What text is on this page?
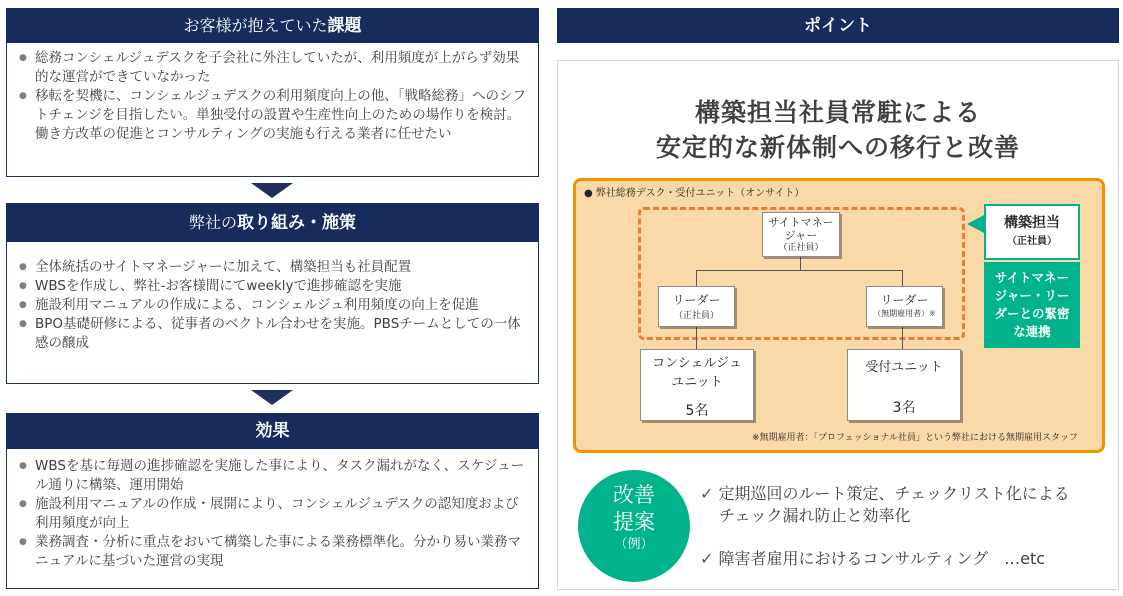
お客様が抱えていた課題
● 総務コンシェルジュデスクを子会社に外注していたが、利用頻度が上がらず効果的な運営ができていなかった
● 移転を契機に、コンシェルジュデスクの利用頻度向上の他、「戦略総務」へのシフトチェンジを目指したい。単独受付の設置や生産性向上のための場作りを検討。働き方改革の促進とコンサルティングの実施も行える業者に任せたい
弊社の取り組み・施策
● 全体統括のサイトマネージャーに加えて、構築担当も社員配置
● WBSを作成し、弊社-お客様間にてweeklyで進捗確認を実施
● 施設利用マニュアルの作成による、コンシェルジュ利用頻度の向上を促進
● BPO基礎研修による、従事者のベクトル合わせを実施。PBSチームとしての一体感の醸成
効果
● WBSを基に毎週の進捗確認を実施した事により、タスク漏れがなく、スケジュール通りに構築、運用開始
● 施設利用マニュアルの作成・展開により、コンシェルジュデスクの認知度および利用頻度が向上
● 業務調査・分析に重点をおいて構築した事による業務標準化。分かり易い業務マニュアルに基づいた運営の実現
ポイント
構築担当社員常駐による
安定的な新体制への移行と改善
● 弊社総務デスク・受付ユニット（オンサイト）
サイトマネー
ジャー
（正社員）
リーダー
（正社員）
リーダー
（無期雇用者）※
コンシェルジュ
ユニット
5名
受付ユニット
3名
※無期雇用者：「プロフェッショナル社員」という弊社における無期雇用スタッフ
構築担当
（正社員）
サイトマネー
ジャー・リー
ダーとの緊密
な連携
改善
提案
（例）
✓ 定期巡回のルート策定、チェックリスト化による
チェック漏れ防止と効率化
✓ 障害者雇用におけるコンサルティング　…etc
